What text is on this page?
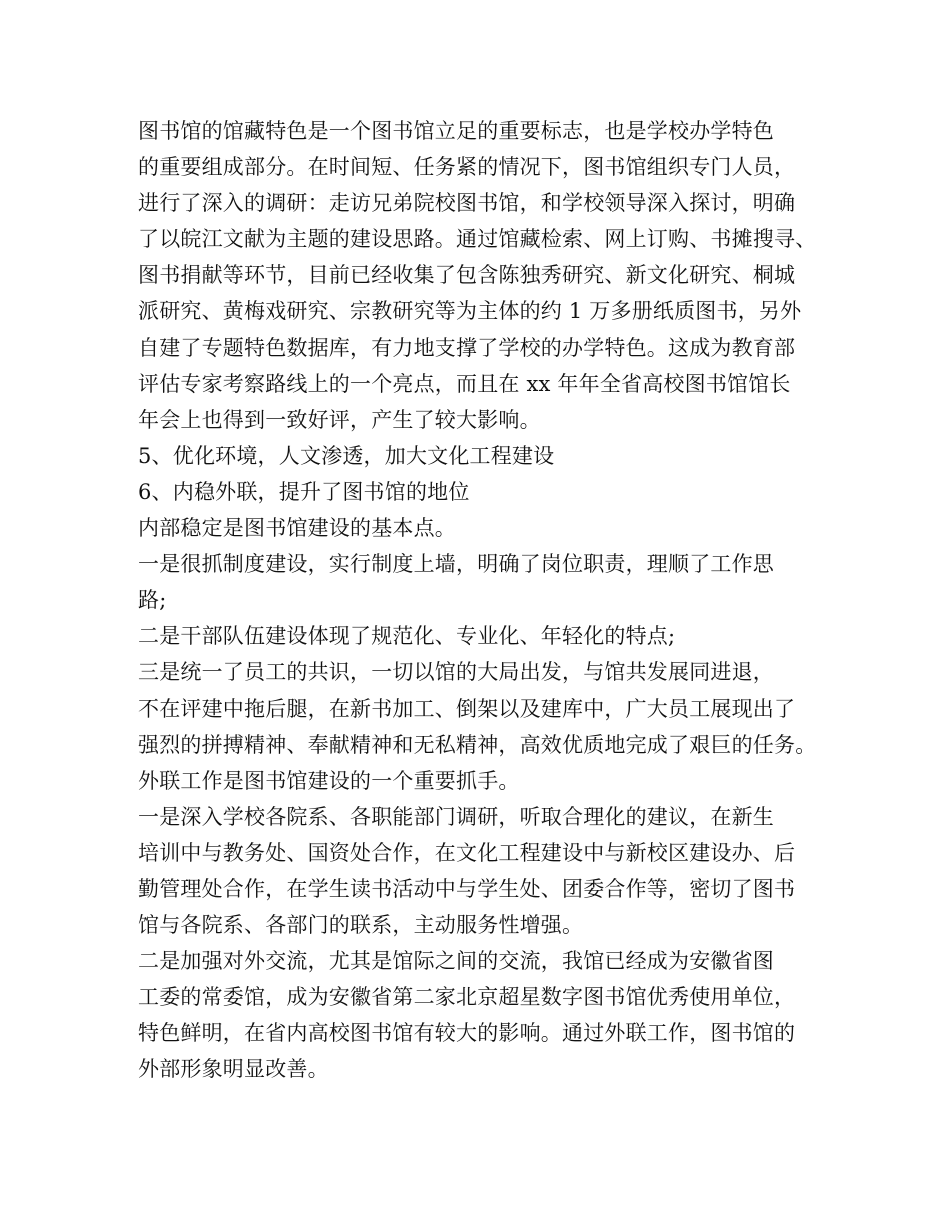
图书馆的馆藏特色是一个图书馆立足的重要标志，也是学校办学特色
的重要组成部分。在时间短、任务紧的情况下，图书馆组织专门人员，
进行了深入的调研：走访兄弟院校图书馆，和学校领导深入探讨，明确
了以皖江文献为主题的建设思路。通过馆藏检索、网上订购、书摊搜寻、
图书捐献等环节，目前已经收集了包含陈独秀研究、新文化研究、桐城
派研究、黄梅戏研究、宗教研究等为主体的约 1 万多册纸质图书，另外
自建了专题特色数据库，有力地支撑了学校的办学特色。这成为教育部
评估专家考察路线上的一个亮点，而且在 xx 年年全省高校图书馆馆长
年会上也得到一致好评，产生了较大影响。
5、优化环境，人文渗透，加大文化工程建设
6、内稳外联，提升了图书馆的地位
内部稳定是图书馆建设的基本点。
一是很抓制度建设，实行制度上墙，明确了岗位职责，理顺了工作思
路;
二是干部队伍建设体现了规范化、专业化、年轻化的特点;
三是统一了员工的共识，一切以馆的大局出发，与馆共发展同进退，
不在评建中拖后腿，在新书加工、倒架以及建库中，广大员工展现出了
强烈的拼搏精神、奉献精神和无私精神，高效优质地完成了艰巨的任务。
外联工作是图书馆建设的一个重要抓手。
一是深入学校各院系、各职能部门调研，听取合理化的建议，在新生
培训中与教务处、国资处合作，在文化工程建设中与新校区建设办、后
勤管理处合作，在学生读书活动中与学生处、团委合作等，密切了图书
馆与各院系、各部门的联系，主动服务性增强。
二是加强对外交流，尤其是馆际之间的交流，我馆已经成为安徽省图
工委的常委馆，成为安徽省第二家北京超星数字图书馆优秀使用单位，
特色鲜明，在省内高校图书馆有较大的影响。通过外联工作，图书馆的
外部形象明显改善。
